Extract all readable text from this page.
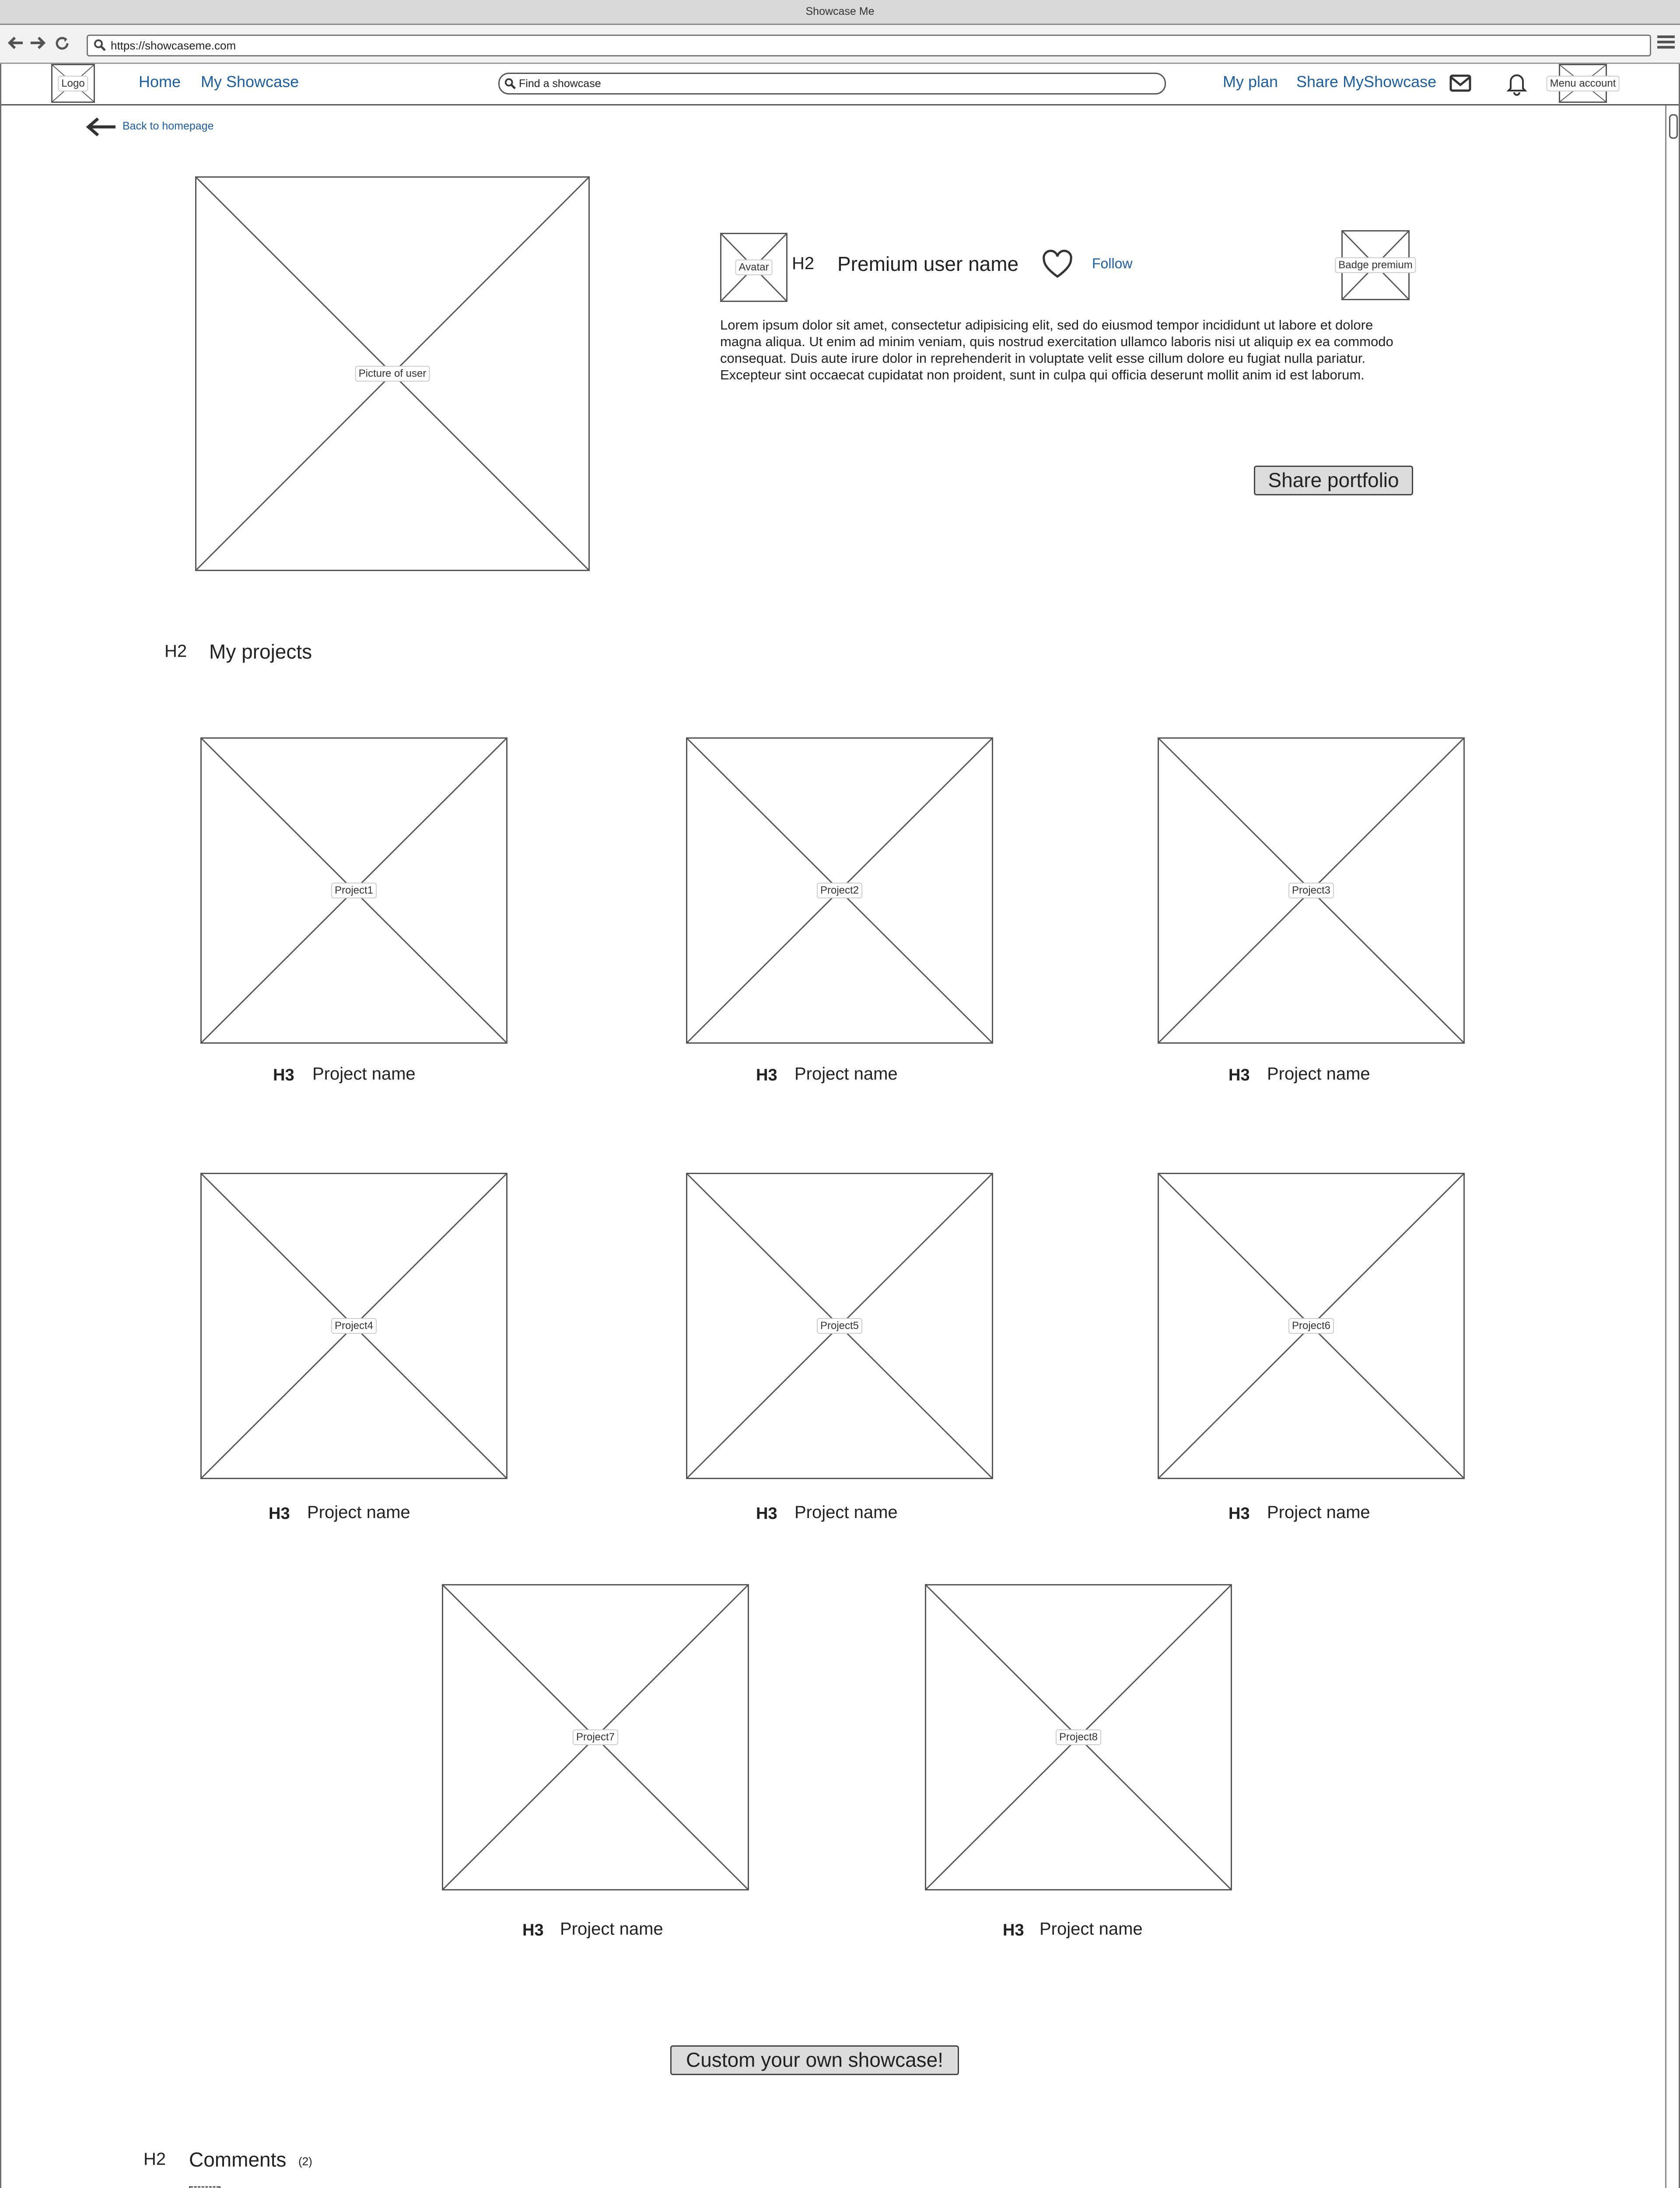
Showcase Me
https://showcaseme.com
Logo	Home My Showcase	Find a showcase	My plan Share MyShowcase	Menu account
Back to homepage
Picture of user
Avatar H2 Premium user name	Follow	Badge premium
Lorem ipsum dolor sit amet, consectetur adipisicing elit, sed do eiusmod tempor incididunt ut labore et dolore
magna aliqua. Ut enim ad minim veniam, quis nostrud exercitation ullamco laboris nisi ut aliquip ex ea commodo
consequat. Duis aute irure dolor in reprehenderit in voluptate velit esse cillum dolore eu fugiat nulla pariatur.
Excepteur sint occaecat cupidatat non proident, sunt in culpa qui officia deserunt mollit anim id est laborum.
Share portfolio
H2 My projects
Project1
H3 Project name
Project2
H3 Project name
Project3
H3 Project name
Project4
H3 Project name
Project5
H3 Project name
Project6
H3 Project name
Project7
H3 Project name
Project8
H3 Project name
Custom your own showcase!
H2 Comments (2)
